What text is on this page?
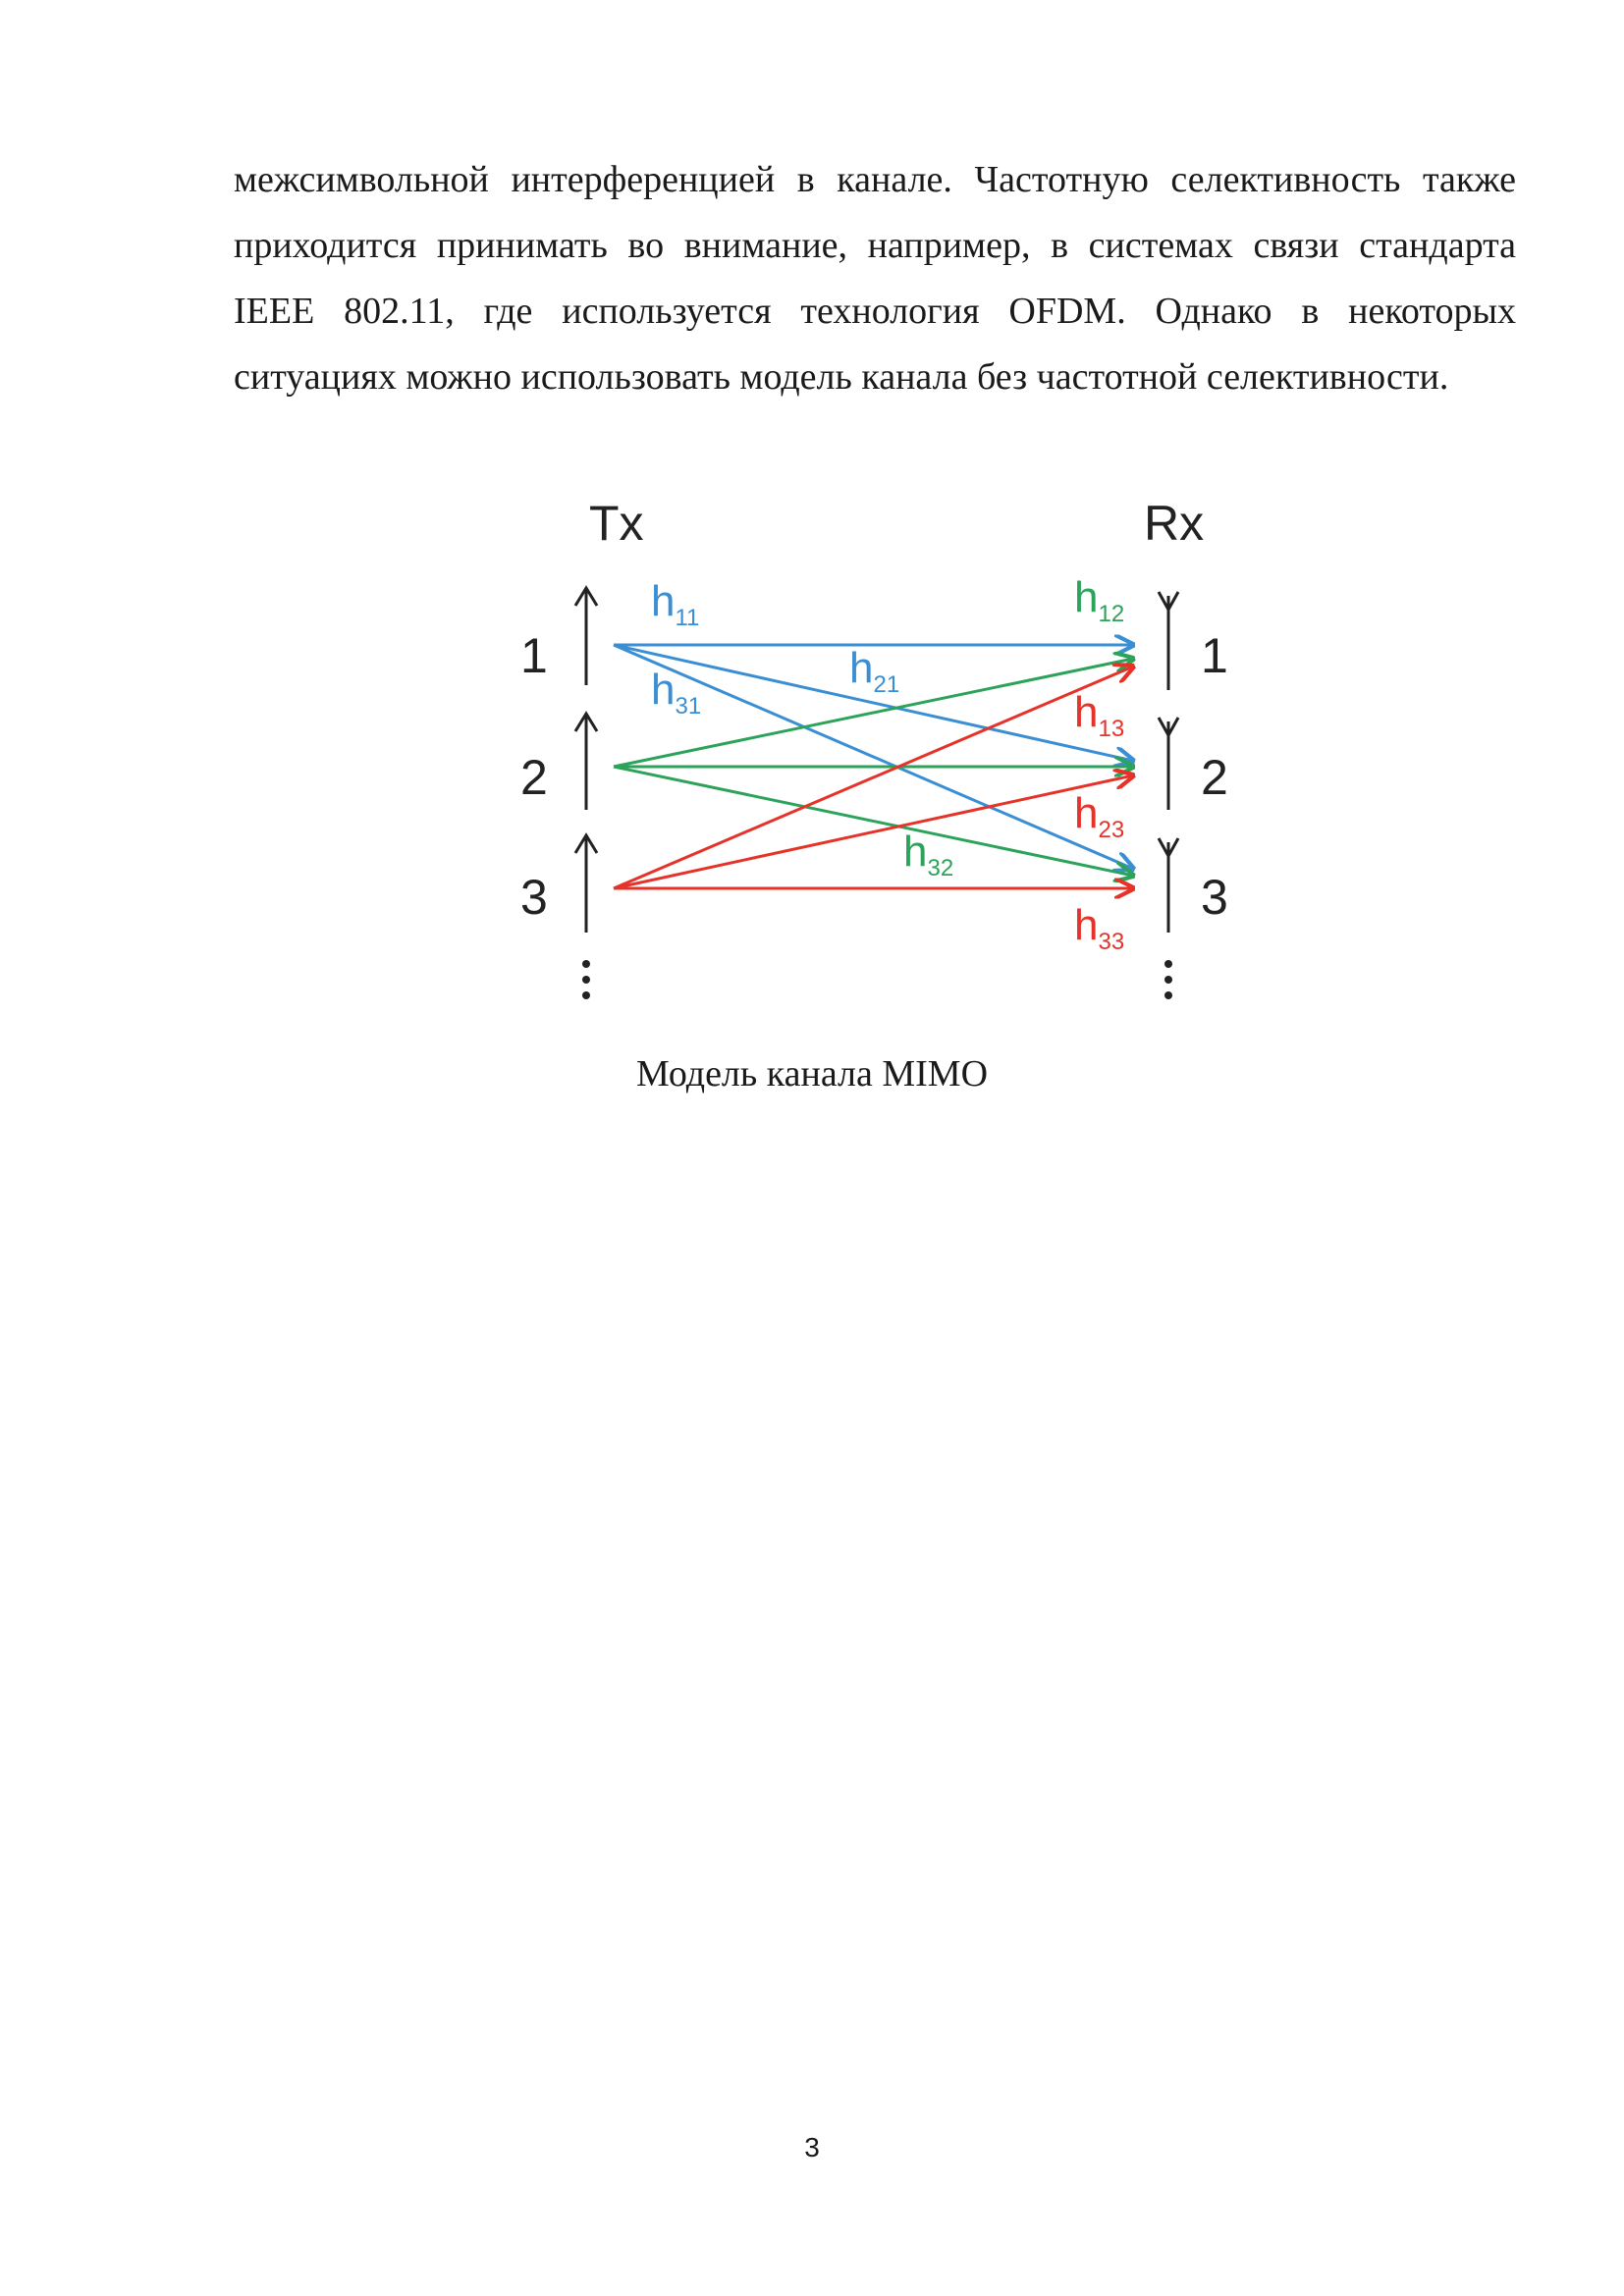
межсимвольной интерференцией в канале. Частотную селективность также приходится принимать во внимание, например, в системах связи стандарта IEEE 802.11, где используется технология OFDM. Однако в некоторых ситуациях можно использовать модель канала без частотной селективности.

Tx	Rx
1
2
3
1
2
3
$h_{11}$
$h_{21}$
$h_{31}$
$h_{12}$
$h_{13}$
$h_{23}$
$h_{32}$
$h_{33}$
Модель канала MIMO
3
